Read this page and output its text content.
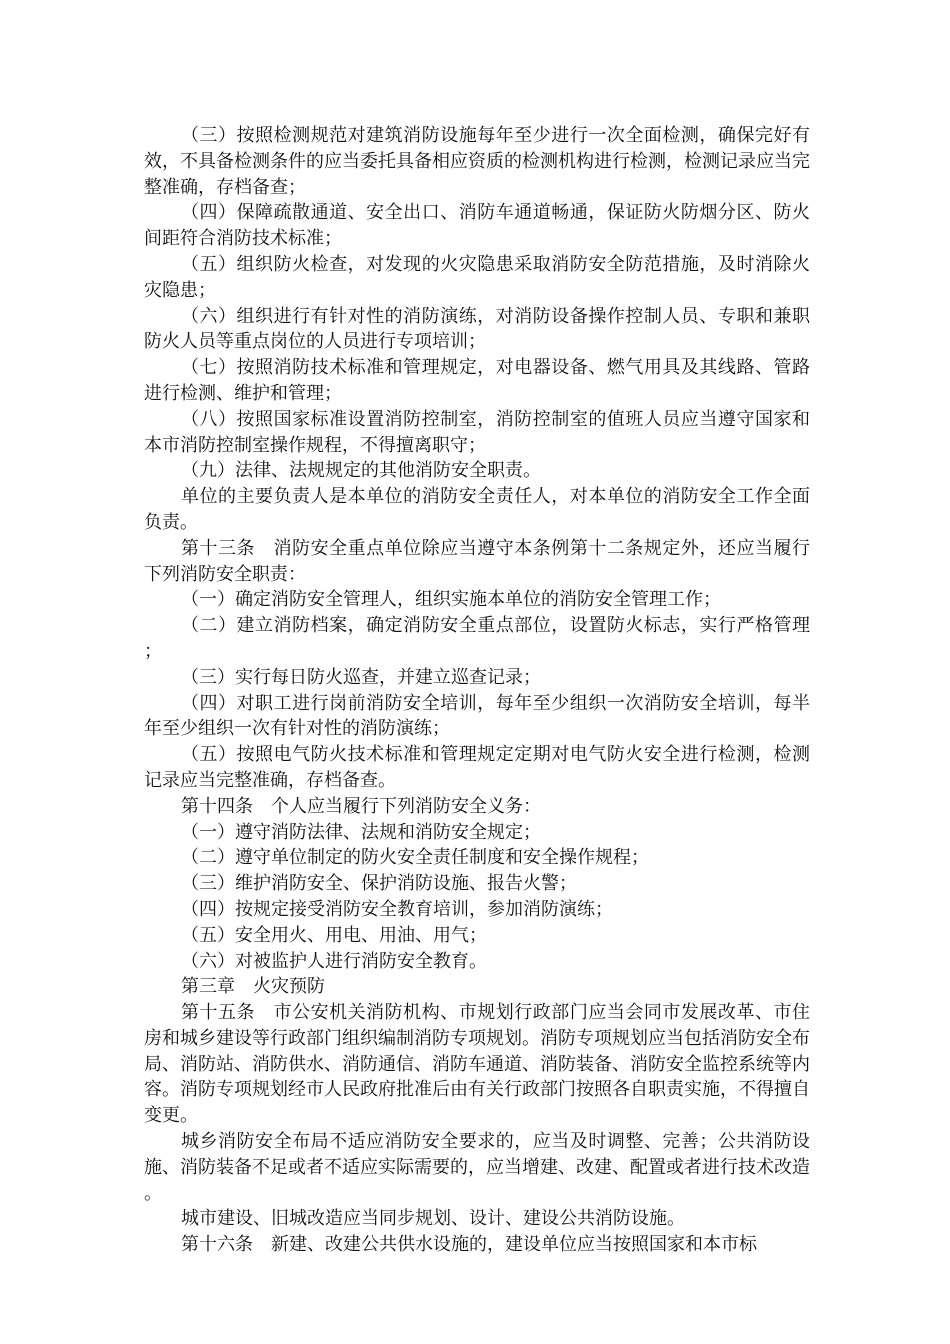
（三）按照检测规范对建筑消防设施每年至少进行一次全面检测，确保完好有效，不具备检测条件的应当委托具备相应资质的检测机构进行检测，检测记录应当完整准确，存档备查；

（四）保障疏散通道、安全出口、消防车通道畅通，保证防火防烟分区、防火间距符合消防技术标准；

（五）组织防火检查，对发现的火灾隐患采取消防安全防范措施，及时消除火灾隐患；

（六）组织进行有针对性的消防演练，对消防设备操作控制人员、专职和兼职防火人员等重点岗位的人员进行专项培训；

（七）按照消防技术标准和管理规定，对电器设备、燃气用具及其线路、管路进行检测、维护和管理；

（八）按照国家标准设置消防控制室，消防控制室的值班人员应当遵守国家和本市消防控制室操作规程，不得擅离职守；

（九）法律、法规规定的其他消防安全职责。

单位的主要负责人是本单位的消防安全责任人，对本单位的消防安全工作全面负责。

第十三条　消防安全重点单位除应当遵守本条例第十二条规定外，还应当履行下列消防安全职责：

（一）确定消防安全管理人，组织实施本单位的消防安全管理工作；

（二）建立消防档案，确定消防安全重点部位，设置防火标志，实行严格管理；

（三）实行每日防火巡查，并建立巡查记录；

（四）对职工进行岗前消防安全培训，每年至少组织一次消防安全培训，每半年至少组织一次有针对性的消防演练；

（五）按照电气防火技术标准和管理规定定期对电气防火安全进行检测，检测记录应当完整准确，存档备查。

第十四条　个人应当履行下列消防安全义务：

（一）遵守消防法律、法规和消防安全规定；

（二）遵守单位制定的防火安全责任制度和安全操作规程；

（三）维护消防安全、保护消防设施、报告火警；

（四）按规定接受消防安全教育培训，参加消防演练；

（五）安全用火、用电、用油、用气；

（六）对被监护人进行消防安全教育。

第三章　火灾预防

第十五条　市公安机关消防机构、市规划行政部门应当会同市发展改革、市住房和城乡建设等行政部门组织编制消防专项规划。消防专项规划应当包括消防安全布局、消防站、消防供水、消防通信、消防车通道、消防装备、消防安全监控系统等内容。消防专项规划经市人民政府批准后由有关行政部门按照各自职责实施，不得擅自变更。

城乡消防安全布局不适应消防安全要求的，应当及时调整、完善；公共消防设施、消防装备不足或者不适应实际需要的，应当增建、改建、配置或者进行技术改造。

城市建设、旧城改造应当同步规划、设计、建设公共消防设施。

第十六条　新建、改建公共供水设施的，建设单位应当按照国家和本市标
